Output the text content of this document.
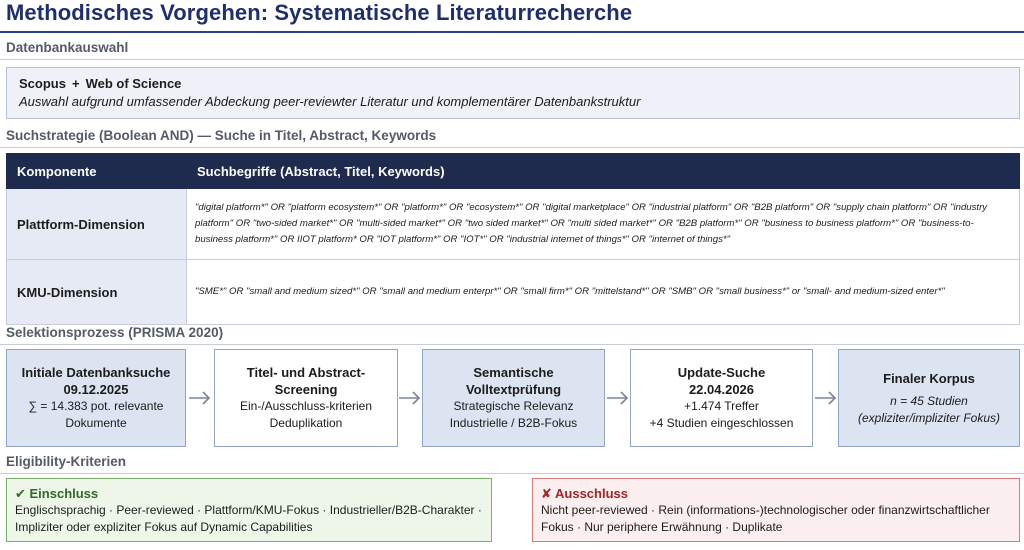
Methodisches Vorgehen: Systematische Literaturrecherche
Datenbankauswahl
Scopus + Web of Science
Auswahl aufgrund umfassender Abdeckung peer-reviewter Literatur und komplementärer Datenbankstruktur
Suchstrategie (Boolean AND) — Suche in Titel, Abstract, Keywords
Komponente	Suchbegriffe (Abstract, Titel, Keywords)
Plattform-Dimension	"digital platform*" OR "platform ecosystem*" OR "platform*" OR "ecosystem*" OR "digital marketplace" OR "industrial platform" OR "B2B platform" OR "supply chain platform" OR "industry platform" OR "two-sided market*" OR "multi-sided market*" OR "two sided market*" OR "multi sided market*" OR "B2B platform*" OR "business to business platform*" OR "business-to-business platform*" OR IIOT platform* OR "IOT platform*" OR "IOT*" OR "industrial internet of things*" OR "internet of things*"
KMU-Dimension	"SME*" OR "small and medium sized*" OR "small and medium enterpr*" OR "small firm*" OR "mittelstand*" OR "SMB" OR "small business*" or "small- and medium-sized enter*"
Selektionsprozess (PRISMA 2020)
Initiale Datenbanksuche
09.12.2025
∑ = 14.383 pot. relevante
Dokumente
Titel- und Abstract-
Screening
Ein-/Ausschluss-kriterien
Deduplikation
Semantische
Volltextprüfung
Strategische Relevanz
Industrielle / B2B-Fokus
Update-Suche
22.04.2026
+1.474 Treffer
+4 Studien eingeschlossen
Finaler Korpus
n = 45 Studien
(expliziter/impliziter Fokus)
Eligibility-Kriterien
✔ Einschluss
Englischsprachig · Peer-reviewed · Plattform/KMU-Fokus · Industrieller/B2B-Charakter · Impliziter oder expliziter Fokus auf Dynamic Capabilities
✘ Ausschluss
Nicht peer-reviewed · Rein (informations-)technologischer oder finanzwirtschaftlicher Fokus · Nur periphere Erwähnung · Duplikate
